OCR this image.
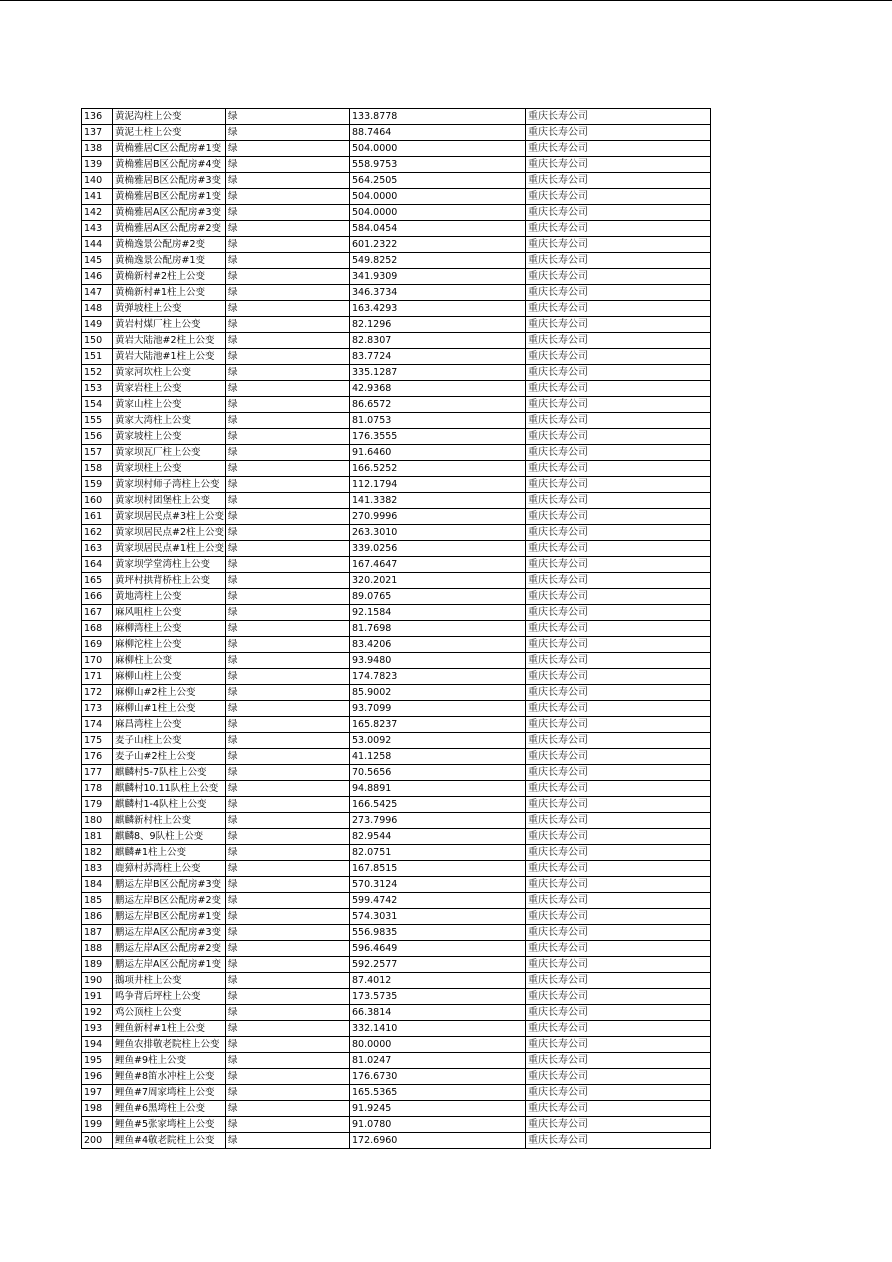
136	黄泥沟柱上公变	绿	133.8778	重庆长寿公司
137	黄泥土柱上公变	绿	88.7464	重庆长寿公司
138	黄桷雅居C区公配房#1变	绿	504.0000	重庆长寿公司
139	黄桷雅居B区公配房#4变	绿	558.9753	重庆长寿公司
140	黄桷雅居B区公配房#3变	绿	564.2505	重庆长寿公司
141	黄桷雅居B区公配房#1变	绿	504.0000	重庆长寿公司
142	黄桷雅居A区公配房#3变	绿	504.0000	重庆长寿公司
143	黄桷雅居A区公配房#2变	绿	584.0454	重庆长寿公司
144	黄桷逸景公配房#2变	绿	601.2322	重庆长寿公司
145	黄桷逸景公配房#1变	绿	549.8252	重庆长寿公司
146	黄桷新村#2柱上公变	绿	341.9309	重庆长寿公司
147	黄桷新村#1柱上公变	绿	346.3734	重庆长寿公司
148	黄弹坡柱上公变	绿	163.4293	重庆长寿公司
149	黄岩村煤厂柱上公变	绿	82.1296	重庆长寿公司
150	黄岩大陆池#2柱上公变	绿	82.8307	重庆长寿公司
151	黄岩大陆池#1柱上公变	绿	83.7724	重庆长寿公司
152	黄家河坎柱上公变	绿	335.1287	重庆长寿公司
153	黄家岩柱上公变	绿	42.9368	重庆长寿公司
154	黄家山柱上公变	绿	86.6572	重庆长寿公司
155	黄家大湾柱上公变	绿	81.0753	重庆长寿公司
156	黄家坡柱上公变	绿	176.3555	重庆长寿公司
157	黄家坝瓦厂柱上公变	绿	91.6460	重庆长寿公司
158	黄家坝柱上公变	绿	166.5252	重庆长寿公司
159	黄家坝村师子湾柱上公变	绿	112.1794	重庆长寿公司
160	黄家坝村团堡柱上公变	绿	141.3382	重庆长寿公司
161	黄家坝居民点#3柱上公变	绿	270.9996	重庆长寿公司
162	黄家坝居民点#2柱上公变	绿	263.3010	重庆长寿公司
163	黄家坝居民点#1柱上公变	绿	339.0256	重庆长寿公司
164	黄家坝学堂湾柱上公变	绿	167.4647	重庆长寿公司
165	黄坪村拱背桥柱上公变	绿	320.2021	重庆长寿公司
166	黄地湾柱上公变	绿	89.0765	重庆长寿公司
167	麻风咀柱上公变	绿	92.1584	重庆长寿公司
168	麻柳湾柱上公变	绿	81.7698	重庆长寿公司
169	麻柳沱柱上公变	绿	83.4206	重庆长寿公司
170	麻柳柱上公变	绿	93.9480	重庆长寿公司
171	麻柳山柱上公变	绿	174.7823	重庆长寿公司
172	麻柳山#2柱上公变	绿	85.9002	重庆长寿公司
173	麻柳山#1柱上公变	绿	93.7099	重庆长寿公司
174	麻昌湾柱上公变	绿	165.8237	重庆长寿公司
175	麦子山柱上公变	绿	53.0092	重庆长寿公司
176	麦子山#2柱上公变	绿	41.1258	重庆长寿公司
177	麒麟村5-7队柱上公变	绿	70.5656	重庆长寿公司
178	麒麟村10.11队柱上公变	绿	94.8891	重庆长寿公司
179	麒麟村1-4队柱上公变	绿	166.5425	重庆长寿公司
180	麒麟新村柱上公变	绿	273.7996	重庆长寿公司
181	麒麟8、9队柱上公变	绿	82.9544	重庆长寿公司
182	麒麟#1柱上公变	绿	82.0751	重庆长寿公司
183	鹿獐村苏湾柱上公变	绿	167.8515	重庆长寿公司
184	鹏运左岸B区公配房#3变	绿	570.3124	重庆长寿公司
185	鹏运左岸B区公配房#2变	绿	599.4742	重庆长寿公司
186	鹏运左岸B区公配房#1变	绿	574.3031	重庆长寿公司
187	鹏运左岸A区公配房#3变	绿	556.9835	重庆长寿公司
188	鹏运左岸A区公配房#2变	绿	596.4649	重庆长寿公司
189	鹏运左岸A区公配房#1变	绿	592.2577	重庆长寿公司
190	鵝项井柱上公变	绿	87.4012	重庆长寿公司
191	鸣争背后坪柱上公变	绿	173.5735	重庆长寿公司
192	鸡公顶柱上公变	绿	66.3814	重庆长寿公司
193	鲤鱼新村#1柱上公变	绿	332.1410	重庆长寿公司
194	鲤鱼农排敬老院柱上公变	绿	80.0000	重庆长寿公司
195	鲤鱼#9柱上公变	绿	81.0247	重庆长寿公司
196	鲤鱼#8笛水冲柱上公变	绿	176.6730	重庆长寿公司
197	鲤鱼#7周家塆柱上公变	绿	165.5365	重庆长寿公司
198	鲤鱼#6黑塆柱上公变	绿	91.9245	重庆长寿公司
199	鲤鱼#5张家塆柱上公变	绿	91.0780	重庆长寿公司
200	鲤鱼#4敬老院柱上公变	绿	172.6960	重庆长寿公司
